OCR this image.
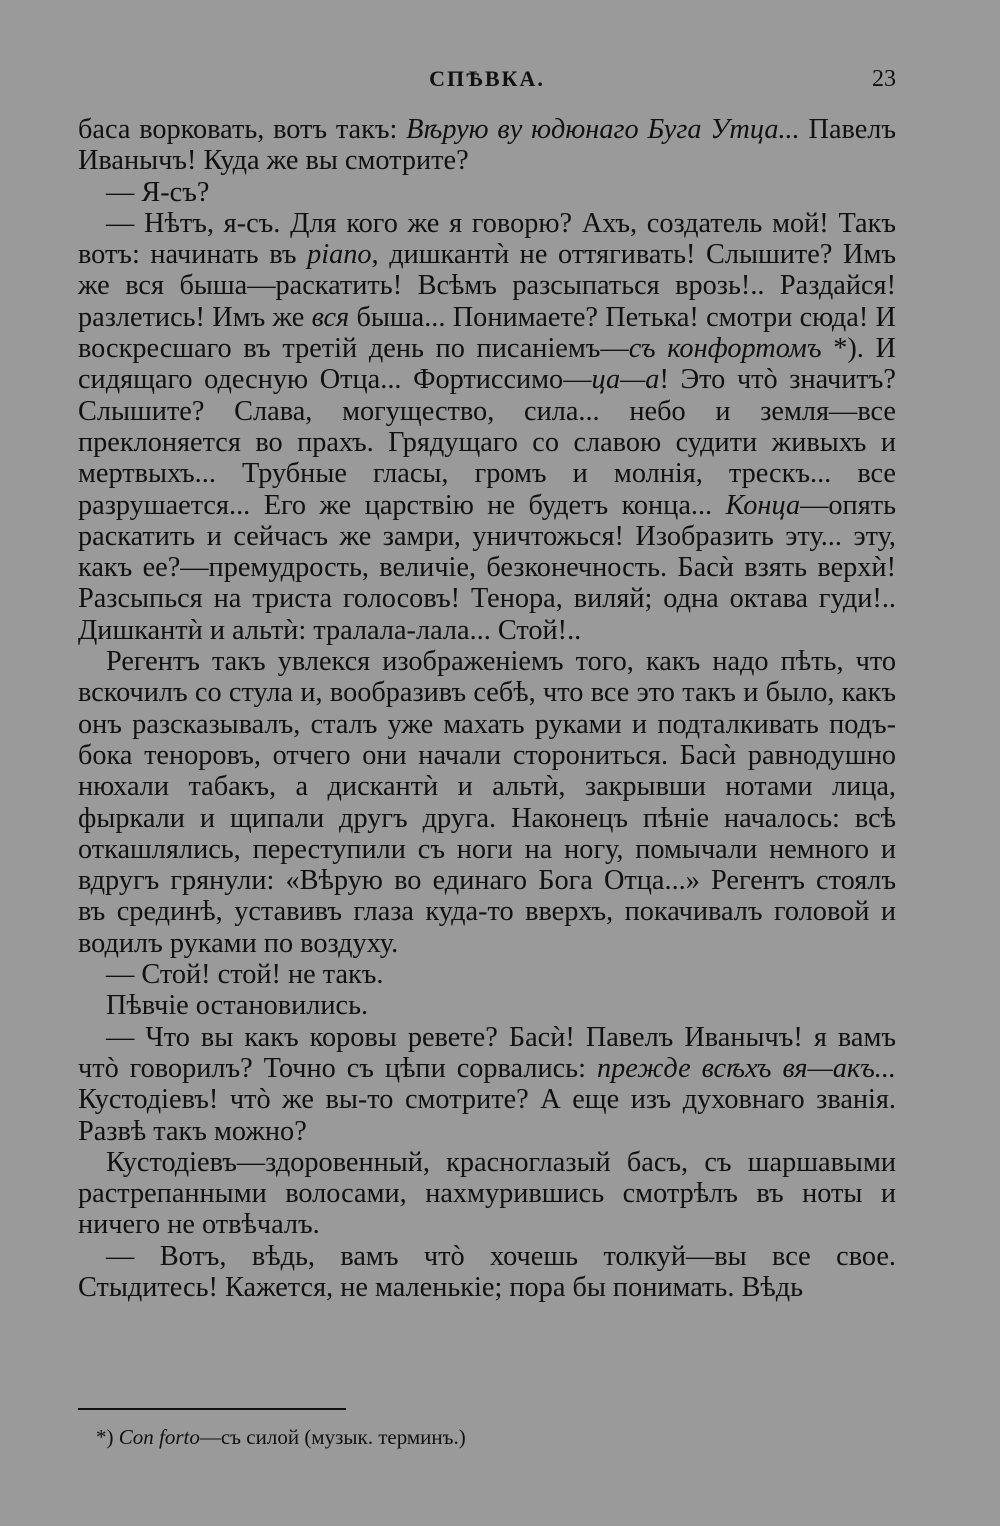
СПѢВКА.	23

баса ворковать, вотъ такъ: Вѣрую ву юдюнаго Буга Утца... Павелъ Иванычъ! Куда же вы смотрите?

— Я-съ?

— Нѣтъ, я-съ. Для кого же я говорю? Ахъ, создатель мой! Такъ вотъ: начинать въ piano, дишкантѝ не оттягивать! Слышите? Имъ же вся быша—раскатить! Всѣмъ разсыпаться врозь!.. Раздайся! разлетись! Имъ же вся быша... Понимаете? Петька! смотри сюда! И воскресшаго въ третій день по писаніемъ—съ конфортомъ *). И сидящаго одесную Отца... Фортиссимо—ца—а! Это чтò значитъ? Слышите? Слава, могущество, сила... небо и земля—все преклоняется во прахъ. Грядущаго со славою судити живыхъ и мертвыхъ... Трубные гласы, громъ и молнія, трескъ... все разрушается... Его же царствію не будетъ конца... Конца—опять раскатить и сейчасъ же замри, уничтожься! Изобразить эту... эту, какъ ее?—премудрость, величіе, безконечность. Басѝ взять верхѝ! Разсыпься на триста голосовъ! Тенора, виляй; одна октава гуди!.. Дишкантѝ и альтѝ: тралала-лала... Стой!..

Регентъ такъ увлекся изображеніемъ того, какъ надо пѣть, что вскочилъ со стула и, вообразивъ себѣ, что все это такъ и было, какъ онъ разсказывалъ, сталъ уже махать руками и подталкивать подъ-бока теноровъ, отчего они начали сторониться. Басѝ равнодушно нюхали табакъ, а дискантѝ и альтѝ, закрывши нотами лица, фыркали и щипали другъ друга. Наконецъ пѣніе началось: всѣ откашлялись, переступили съ ноги на ногу, помычали немного и вдругъ грянули: «Вѣрую во единаго Бога Отца...» Регентъ стоялъ въ срединѣ, уставивъ глаза куда-то вверхъ, покачивалъ головой и водилъ руками по воздуху.

— Стой! стой! не такъ.

Пѣвчіе остановились.

— Что вы какъ коровы ревете? Басѝ! Павелъ Иванычъ! я вамъ чтò говорилъ? Точно съ цѣпи сорвались: прежде всѣхъ вя—акъ... Кустодіевъ! чтò же вы-то смотрите? А еще изъ духовнаго званія. Развѣ такъ можно?

Кустодіевъ—здоровенный, красноглазый басъ, съ шаршавыми растрепанными волосами, нахмурившись смотрѣлъ въ ноты и ничего не отвѣчалъ.

— Вотъ, вѣдь, вамъ чтò хочешь толкуй—вы все свое. Стыдитесь! Кажется, не маленькіе; пора бы понимать. Вѣдь

*) Con forto—съ силой (музык. терминъ.)
